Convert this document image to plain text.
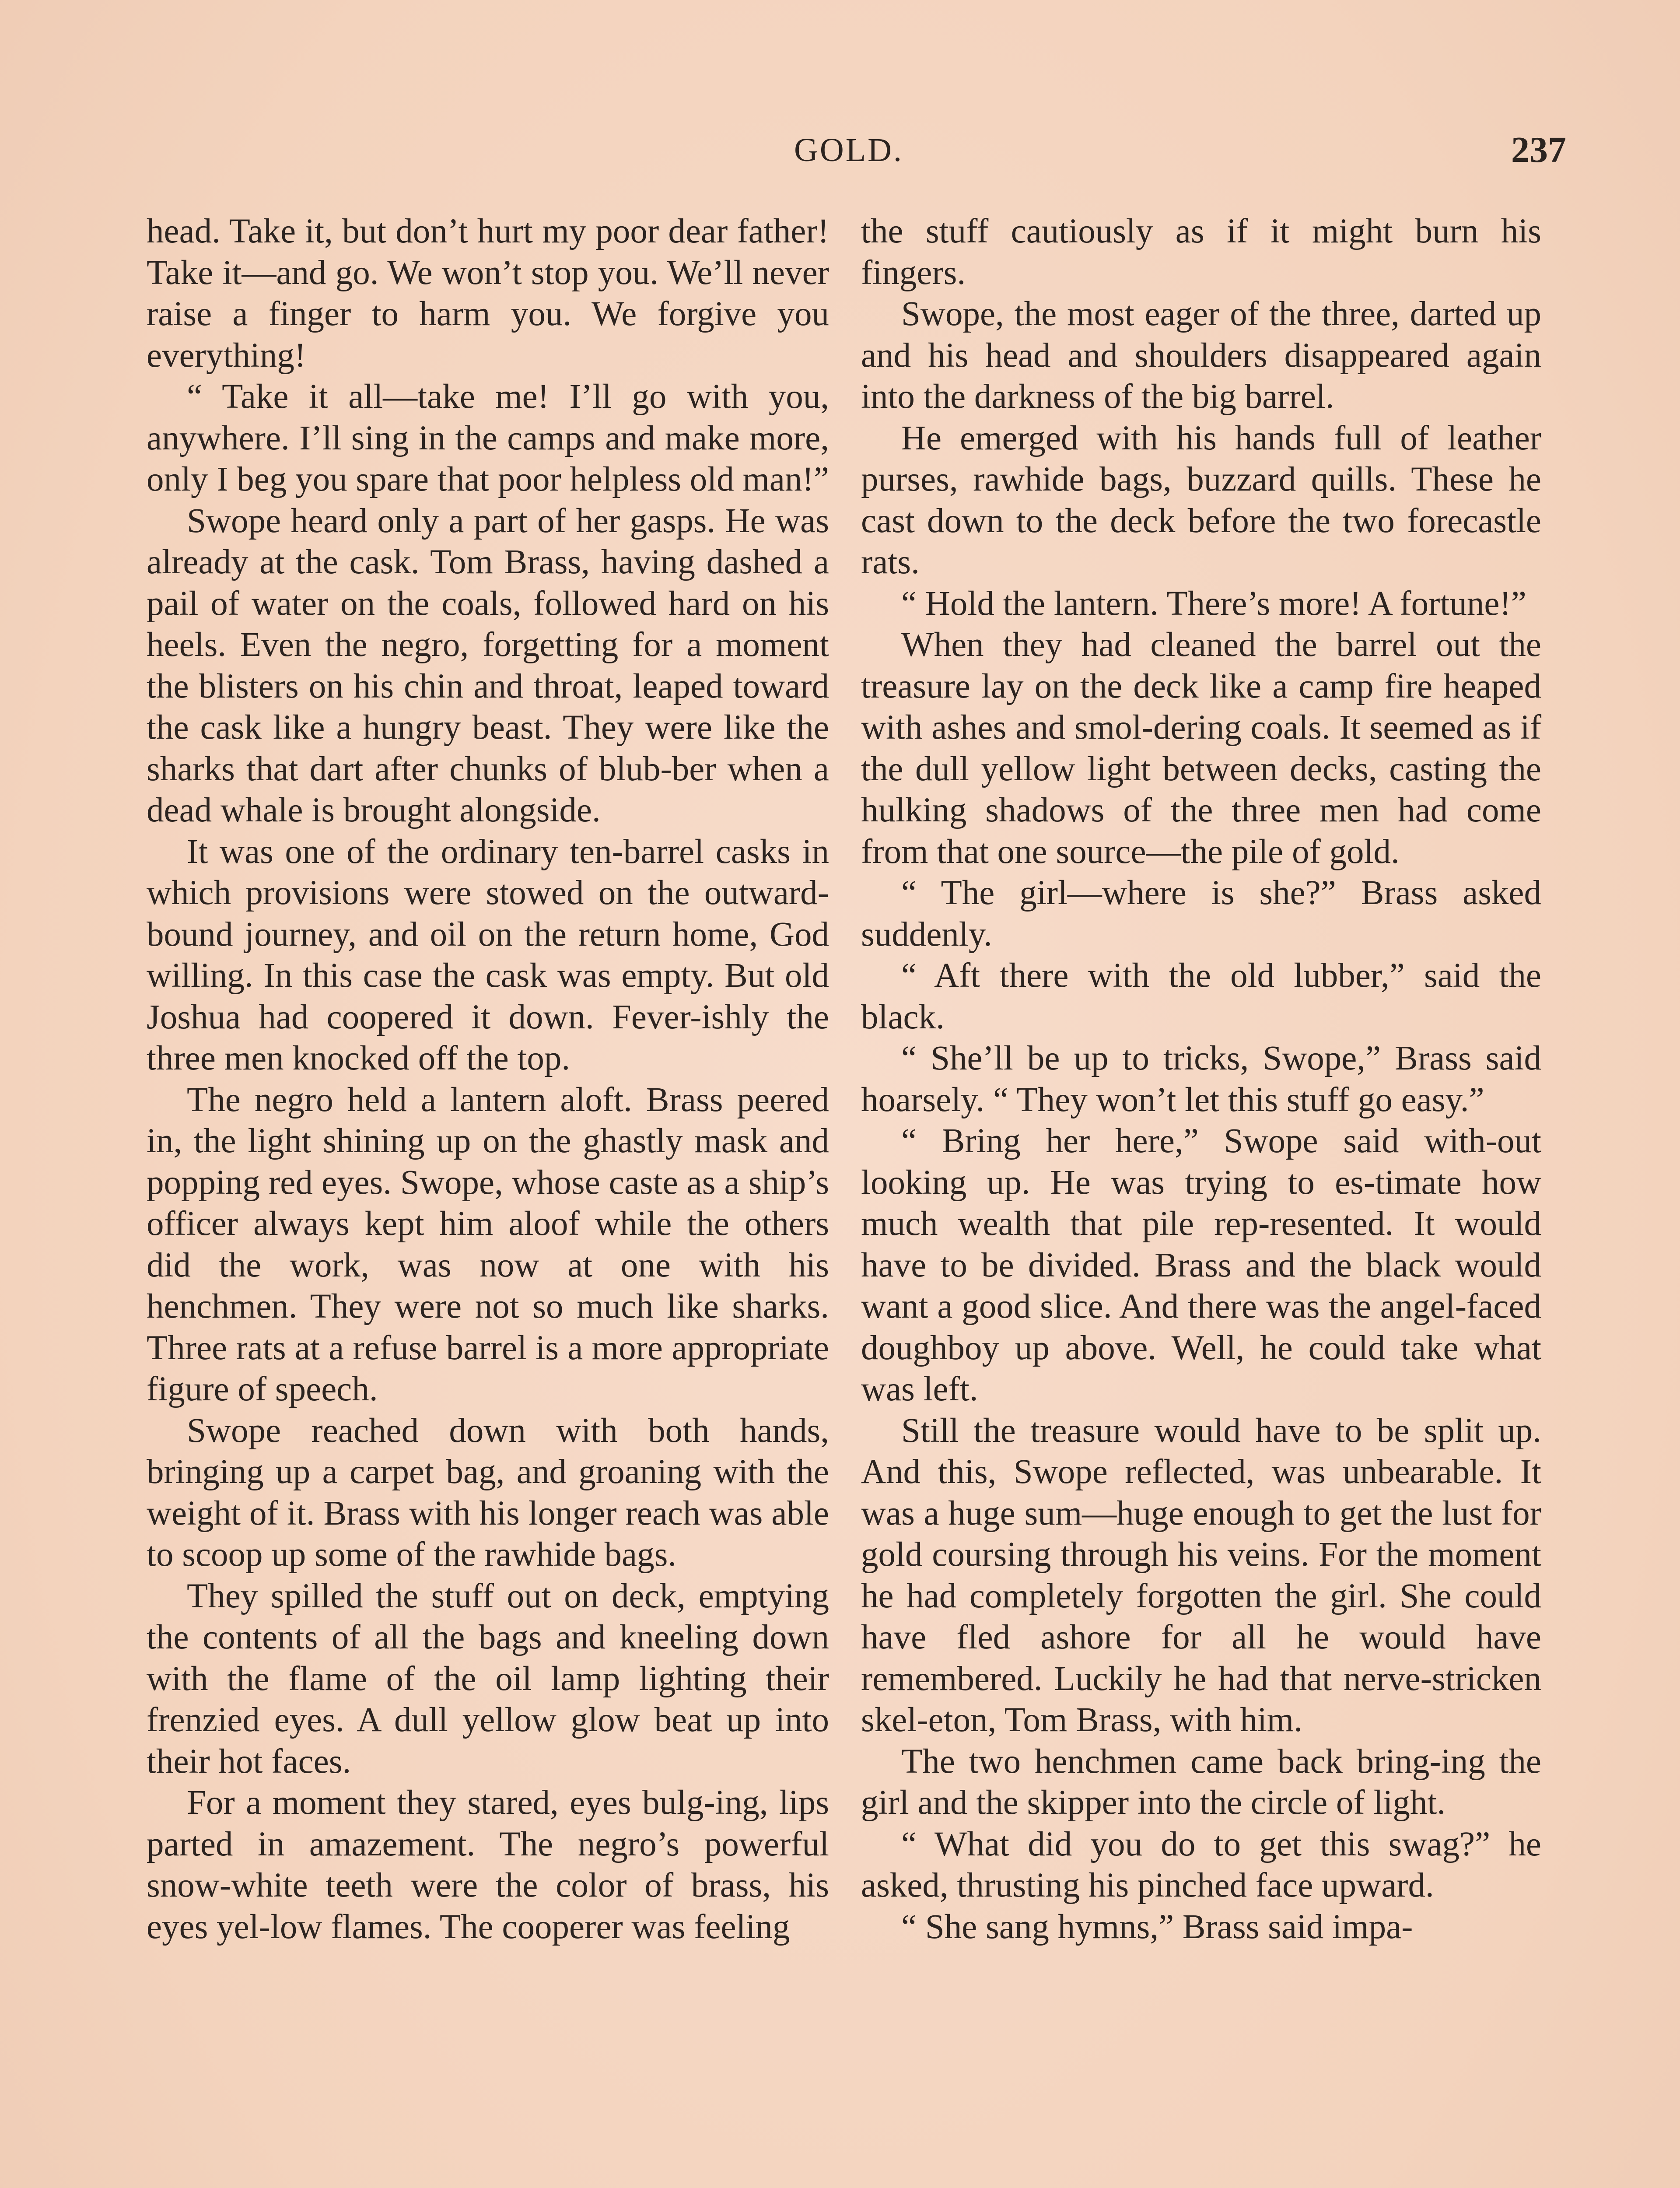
GOLD.	237

head. Take it, but don’t hurt my poor dear father! Take it—and go. We won’t stop you. We’ll never raise a finger to harm you. We forgive you everything!

“ Take it all—take me! I’ll go with you, anywhere. I’ll sing in the camps and make more, only I beg you spare that poor helpless old man!”

Swope heard only a part of her gasps. He was already at the cask. Tom Brass, having dashed a pail of water on the coals, followed hard on his heels. Even the negro, forgetting for a moment the blisters on his chin and throat, leaped toward the cask like a hungry beast. They were like the sharks that dart after chunks of blub-ber when a dead whale is brought alongside.

It was one of the ordinary ten-barrel casks in which provisions were stowed on the outward-bound journey, and oil on the return home, God willing. In this case the cask was empty. But old Joshua had coopered it down. Fever-ishly the three men knocked off the top.

The negro held a lantern aloft. Brass peered in, the light shining up on the ghastly mask and popping red eyes. Swope, whose caste as a ship’s officer always kept him aloof while the others did the work, was now at one with his henchmen. They were not so much like sharks. Three rats at a refuse barrel is a more appropriate figure of speech.

Swope reached down with both hands, bringing up a carpet bag, and groaning with the weight of it. Brass with his longer reach was able to scoop up some of the rawhide bags.

They spilled the stuff out on deck, emptying the contents of all the bags and kneeling down with the flame of the oil lamp lighting their frenzied eyes. A dull yellow glow beat up into their hot faces.

For a moment they stared, eyes bulg-ing, lips parted in amazement. The negro’s powerful snow-white teeth were the color of brass, his eyes yel-low flames. The cooperer was feeling

the stuff cautiously as if it might burn his fingers.

Swope, the most eager of the three, darted up and his head and shoulders disappeared again into the darkness of the big barrel.

He emerged with his hands full of leather purses, rawhide bags, buzzard quills. These he cast down to the deck before the two forecastle rats.

“ Hold the lantern. There’s more! A fortune!”

When they had cleaned the barrel out the treasure lay on the deck like a camp fire heaped with ashes and smol-dering coals. It seemed as if the dull yellow light between decks, casting the hulking shadows of the three men had come from that one source—the pile of gold.

“ The girl—where is she?” Brass asked suddenly.

“ Aft there with the old lubber,” said the black.

“ She’ll be up to tricks, Swope,” Brass said hoarsely. “ They won’t let this stuff go easy.”

“ Bring her here,” Swope said with-out looking up. He was trying to es-timate how much wealth that pile rep-resented. It would have to be divided. Brass and the black would want a good slice. And there was the angel-faced doughboy up above. Well, he could take what was left.

Still the treasure would have to be split up. And this, Swope reflected, was unbearable. It was a huge sum—huge enough to get the lust for gold coursing through his veins. For the moment he had completely forgotten the girl. She could have fled ashore for all he would have remembered. Luckily he had that nerve-stricken skel-eton, Tom Brass, with him.

The two henchmen came back bring-ing the girl and the skipper into the circle of light.

“ What did you do to get this swag?” he asked, thrusting his pinched face upward.

“ She sang hymns,” Brass said impa-
